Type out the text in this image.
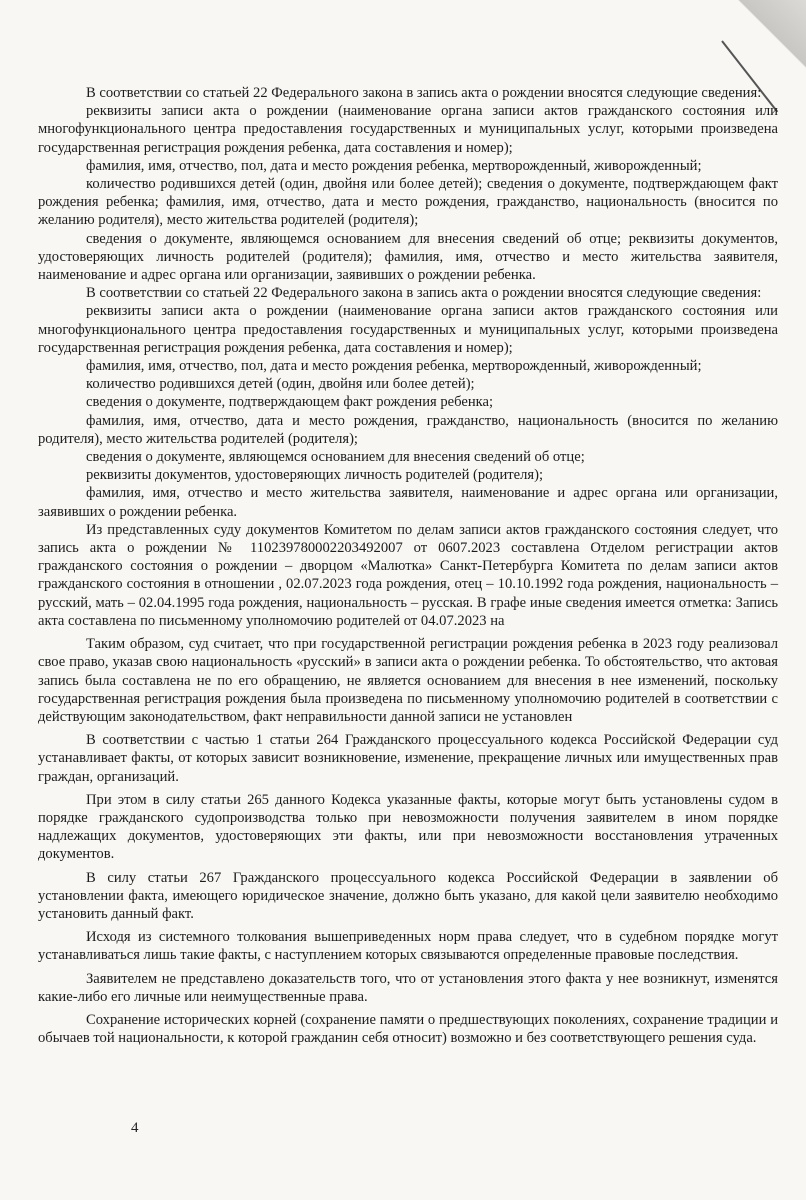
В соответствии со статьей 22 Федерального закона в запись акта о рождении вносятся следующие сведения:

реквизиты записи акта о рождении (наименование органа записи актов гражданского состояния или многофункционального центра предоставления государственных и муниципальных услуг, которыми произведена государственная регистрация рождения ребенка, дата составления и номер);

фамилия, имя, отчество, пол, дата и место рождения ребенка, мертворожденный, живорожденный;

количество родившихся детей (один, двойня или более детей); сведения о документе, подтверждающем факт рождения ребенка; фамилия, имя, отчество, дата и место рождения, гражданство, национальность (вносится по желанию родителя), место жительства родителей (родителя);

сведения о документе, являющемся основанием для внесения сведений об отце; реквизиты документов, удостоверяющих личность родителей (родителя); фамилия, имя, отчество и место жительства заявителя, наименование и адрес органа или организации, заявивших о рождении ребенка.

В соответствии со статьей 22 Федерального закона в запись акта о рождении вносятся следующие сведения:

реквизиты записи акта о рождении (наименование органа записи актов гражданского состояния или многофункционального центра предоставления государственных и муниципальных услуг, которыми произведена государственная регистрация рождения ребенка, дата составления и номер);

фамилия, имя, отчество, пол, дата и место рождения ребенка, мертворожденный, живорожденный;

количество родившихся детей (один, двойня или более детей);

сведения о документе, подтверждающем факт рождения ребенка;

фамилия, имя, отчество, дата и место рождения, гражданство, национальность (вносится по желанию родителя), место жительства родителей (родителя);

сведения о документе, являющемся основанием для внесения сведений об отце;

реквизиты документов, удостоверяющих личность родителей (родителя);

фамилия, имя, отчество и место жительства заявителя, наименование и адрес органа или организации, заявивших о рождении ребенка.

Из представленных суду документов Комитетом по делам записи актов гражданского состояния следует, что запись акта о рождении № 110239780002203492007 от 0607.2023 составлена Отделом регистрации актов гражданского состояния о рождении – дворцом «Малютка» Санкт-Петербурга Комитета по делам записи актов гражданского состояния в отношении , 02.07.2023 года рождения, отец – 10.10.1992 года рождения, национальность – русский, мать – 02.04.1995 года рождения, национальность – русская. В графе иные сведения имеется отметка: Запись акта составлена по письменному уполномочию родителей от 04.07.2023 на

Таким образом, суд считает, что при государственной регистрации рождения ребенка в 2023 году реализовал свое право, указав свою национальность «русский» в записи акта о рождении ребенка. То обстоятельство, что актовая запись была составлена не по его обращению, не является основанием для внесения в нее изменений, поскольку государственная регистрация рождения была произведена по письменному уполномочию родителей в соответствии с действующим законодательством, факт неправильности данной записи не установлен

В соответствии с частью 1 статьи 264 Гражданского процессуального кодекса Российской Федерации суд устанавливает факты, от которых зависит возникновение, изменение, прекращение личных или имущественных прав граждан, организаций.

При этом в силу статьи 265 данного Кодекса указанные факты, которые могут быть установлены судом в порядке гражданского судопроизводства только при невозможности получения заявителем в ином порядке надлежащих документов, удостоверяющих эти факты, или при невозможности восстановления утраченных документов.

В силу статьи 267 Гражданского процессуального кодекса Российской Федерации в заявлении об установлении факта, имеющего юридическое значение, должно быть указано, для какой цели заявителю необходимо установить данный факт.

Исходя из системного толкования вышеприведенных норм права следует, что в судебном порядке могут устанавливаться лишь такие факты, с наступлением которых связываются определенные правовые последствия.

Заявителем не представлено доказательств того, что от установления этого факта у нее возникнут, изменятся какие-либо его личные или неимущественные права.

Сохранение исторических корней (сохранение памяти о предшествующих поколениях, сохранение традиции и обычаев той национальности, к которой гражданин себя относит) возможно и без соответствующего решения суда.

4
